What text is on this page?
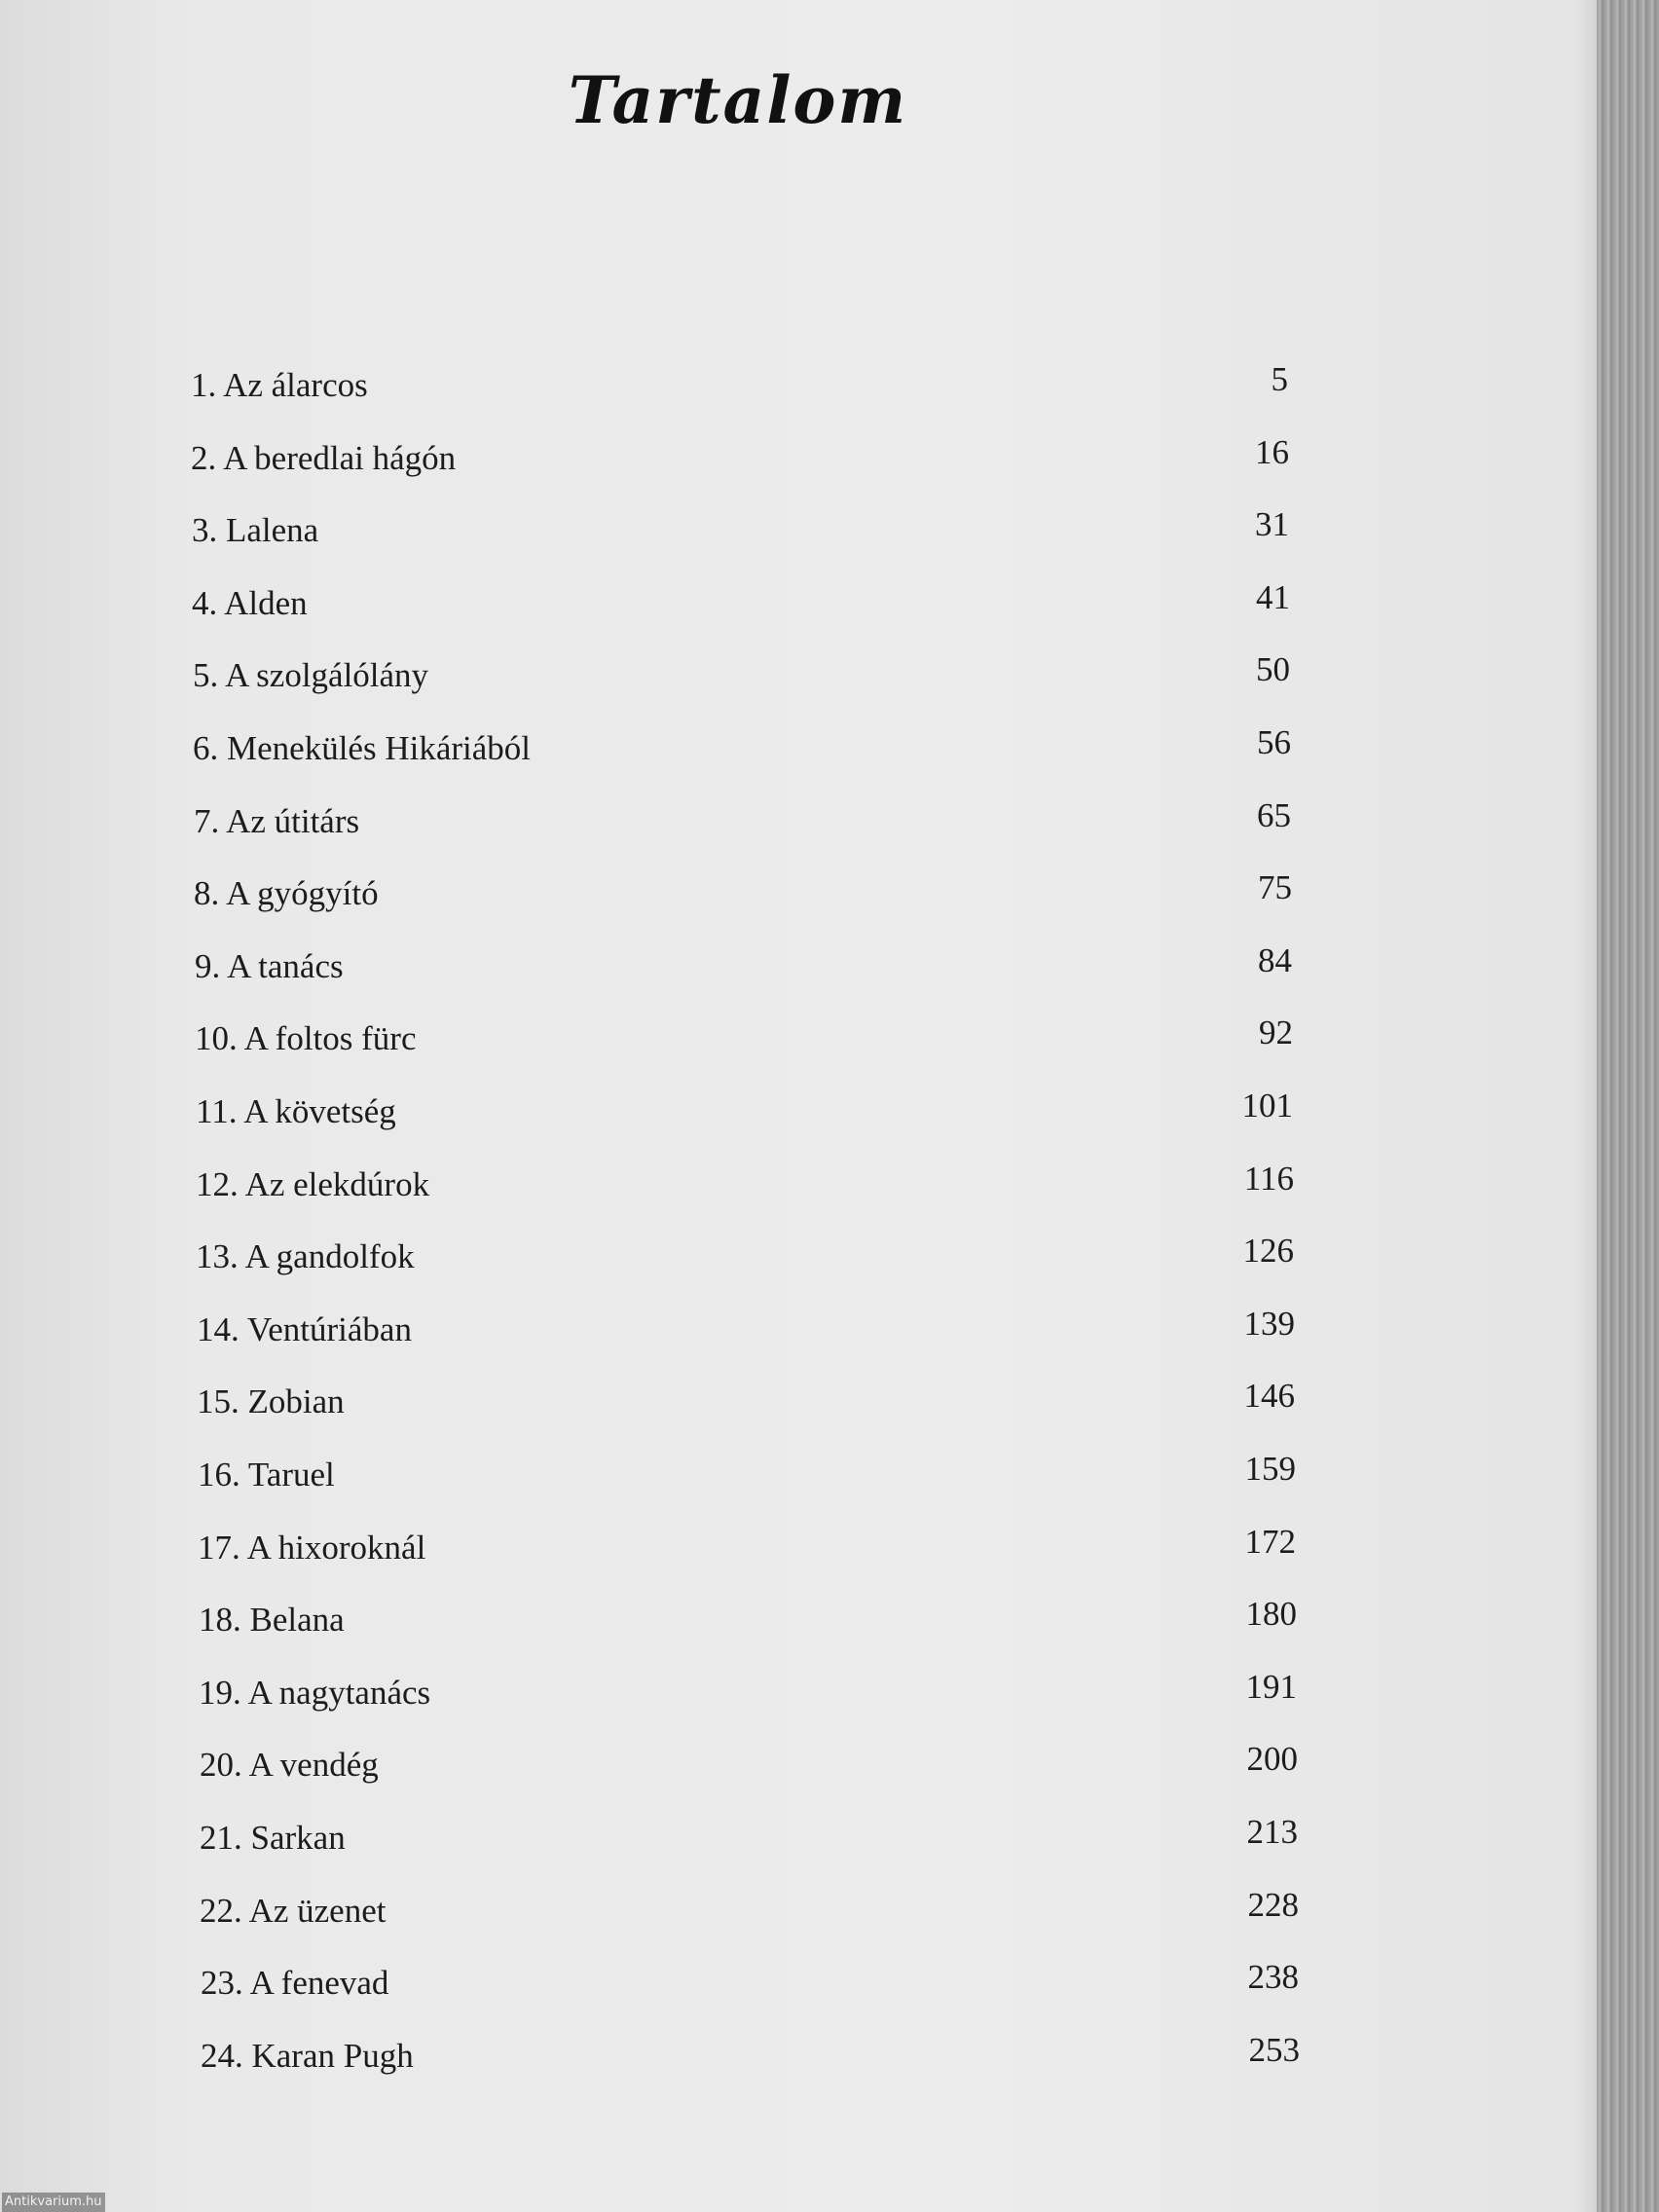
Tartalom
1. Az álarcos	5
2. A beredlai hágón	16
3. Lalena	31
4. Alden	41
5. A szolgálólány	50
6. Menekülés Hikáriából	56
7. Az útitárs	65
8. A gyógyító	75
9. A tanács	84
10. A foltos fürc	92
11. A követség	101
12. Az elekdúrok	116
13. A gandolfok	126
14. Ventúriában	139
15. Zobian	146
16. Taruel	159
17. A hixoroknál	172
18. Belana	180
19. A nagytanács	191
20. A vendég	200
21. Sarkan	213
22. Az üzenet	228
23. A fenevad	238
24. Karan Pugh	253
Antikvarium.hu
